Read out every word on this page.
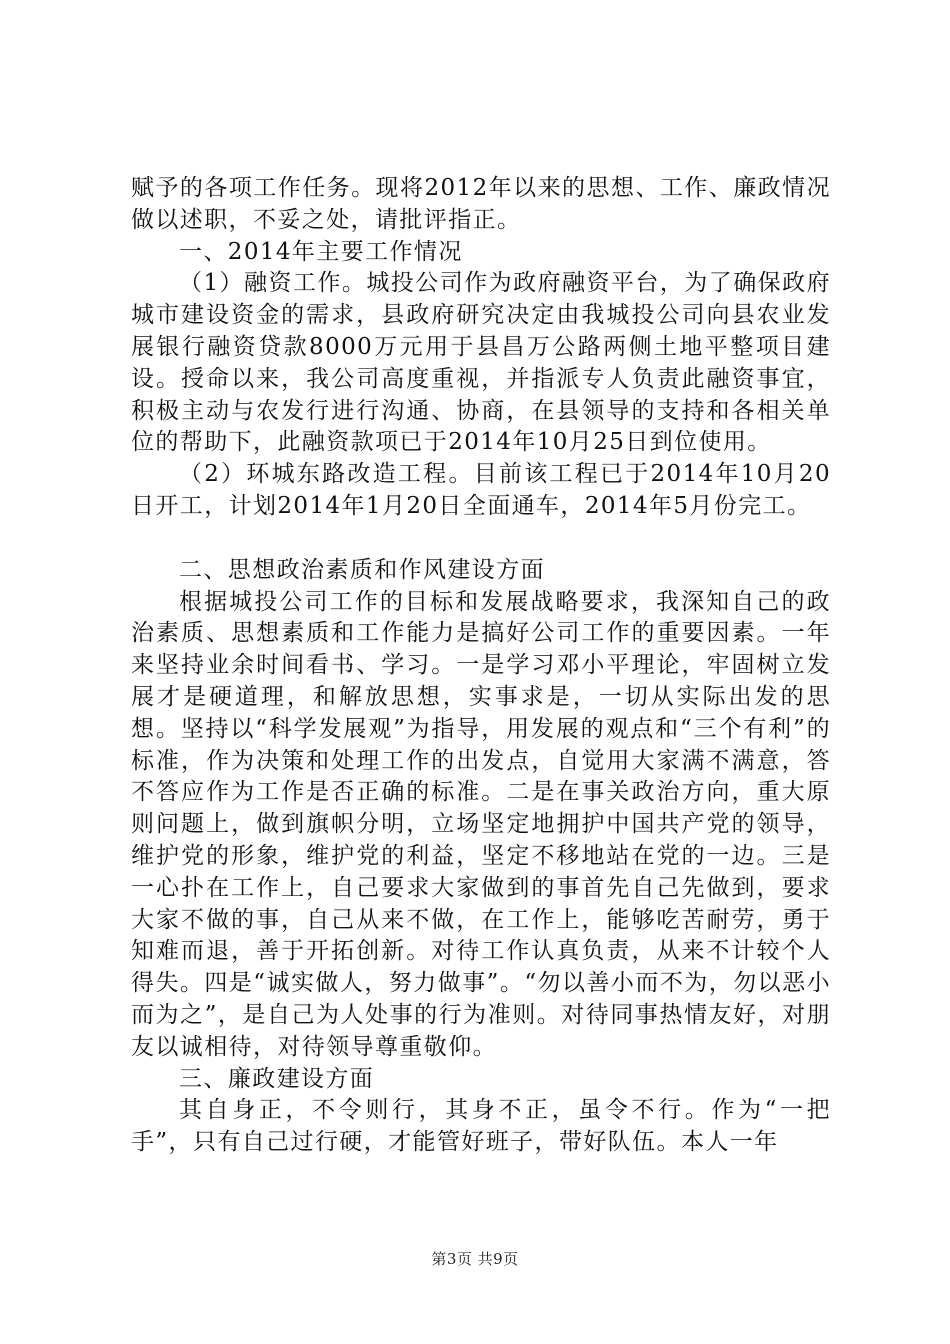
赋予的各项工作任务。现将2012年以来的思想、工作、廉政情况做以述职，不妥之处，请批评指正。

一、2014年主要工作情况

（1）融资工作。城投公司作为政府融资平台，为了确保政府城市建设资金的需求，县政府研究决定由我城投公司向县农业发展银行融资贷款8000万元用于县昌万公路两侧土地平整项目建设。授命以来，我公司高度重视，并指派专人负责此融资事宜，积极主动与农发行进行沟通、协商，在县领导的支持和各相关单位的帮助下，此融资款项已于2014年10月25日到位使用。

（2）环城东路改造工程。目前该工程已于2014年10月20日开工，计划2014年1月20日全面通车，2014年5月份完工。

二、思想政治素质和作风建设方面

根据城投公司工作的目标和发展战略要求，我深知自己的政治素质、思想素质和工作能力是搞好公司工作的重要因素。一年来坚持业余时间看书、学习。一是学习邓小平理论，牢固树立发展才是硬道理，和解放思想，实事求是，一切从实际出发的思想。坚持以“科学发展观”为指导，用发展的观点和“三个有利”的标准，作为决策和处理工作的出发点，自觉用大家满不满意，答不答应作为工作是否正确的标准。二是在事关政治方向，重大原则问题上，做到旗帜分明，立场坚定地拥护中国共产党的领导，维护党的形象，维护党的利益，坚定不移地站在党的一边。三是一心扑在工作上，自己要求大家做到的事首先自己先做到，要求大家不做的事，自己从来不做，在工作上，能够吃苦耐劳，勇于知难而退，善于开拓创新。对待工作认真负责，从来不计较个人得失。四是“诚实做人，努力做事”。“勿以善小而不为，勿以恶小而为之”，是自己为人处事的行为准则。对待同事热情友好，对朋友以诚相待，对待领导尊重敬仰。

三、廉政建设方面

其自身正，不令则行，其身不正，虽令不行。作为“一把手”，只有自己过行硬，才能管好班子，带好队伍。本人一年

第3页 共9页
